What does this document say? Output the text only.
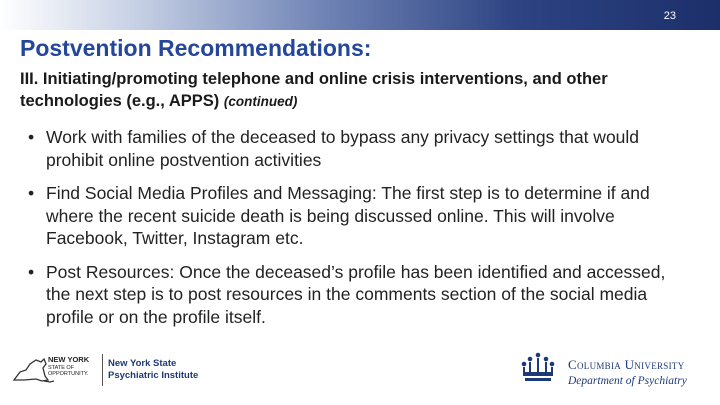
23
Postvention Recommendations:
III. Initiating/promoting telephone and online crisis interventions, and other technologies (e.g., APPS) (continued)
• Work with families of the deceased to bypass any privacy settings that would prohibit online postvention activities
• Find Social Media Profiles and Messaging: The first step is to determine if and where the recent suicide death is being discussed online. This will involve Facebook, Twitter, Instagram etc.
• Post Resources: Once the deceased’s profile has been identified and accessed, the next step is to post resources in the comments section of the social media profile or on the profile itself.
NEW YORK

STATE OF
OPPORTUNITY.
New York State
Psychiatric Institute
Columbia University
Department of Psychiatry
